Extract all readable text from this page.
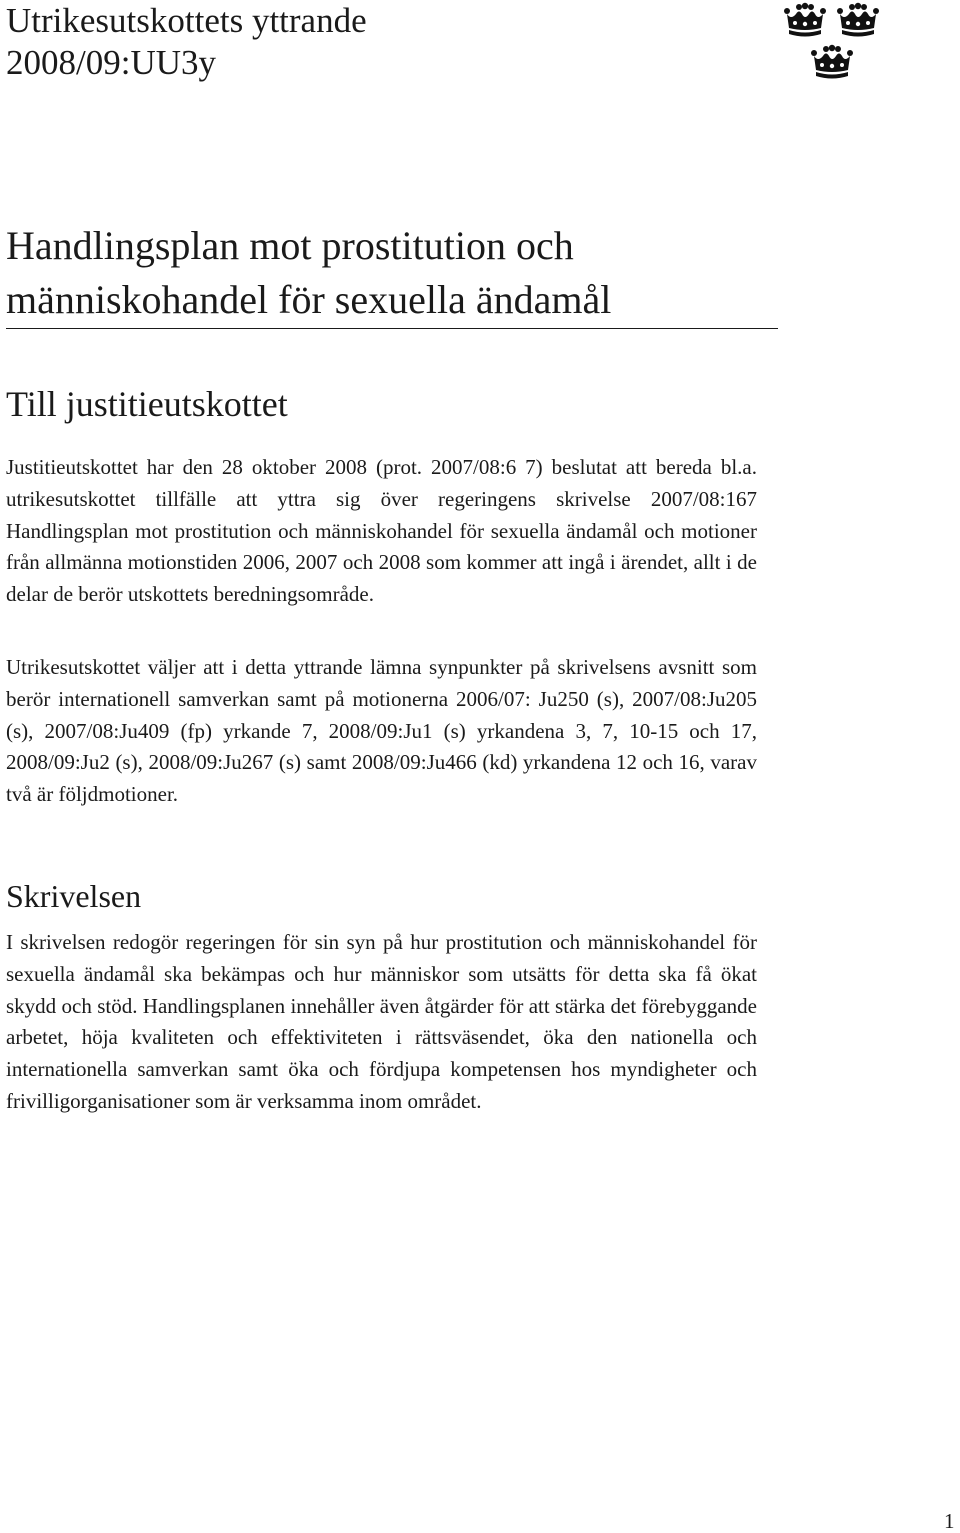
Utrikesutskottets yttrande
2008/09:UU3y
Handlingsplan mot prostitution och
människohandel för sexuella ändamål
Till justitieutskottet

Justitieutskottet har den 28 oktober 2008 (prot. 2007/08:6 7) beslutat att bereda bl.a. utrikesutskottet tillfälle att yttra sig över regeringens skrivelse 2007/08:167 Handlingsplan mot prostitution och människohandel för sexuella ändamål och motioner från allmänna motionstiden 2006, 2007 och 2008 som kommer att ingå i ärendet, allt i de delar de berör utskottets beredningsområde.

Utrikesutskottet väljer att i detta yttrande lämna synpunkter på skrivelsens avsnitt som berör internationell samverkan samt på motionerna 2006/07: Ju250 (s), 2007/08:Ju205 (s), 2007/08:Ju409 (fp) yrkande 7, 2008/09:Ju1 (s) yrkandena 3, 7, 10-15 och 17, 2008/09:Ju2 (s), 2008/09:Ju267 (s) samt 2008/09:Ju466 (kd) yrkandena 12 och 16, varav två är följdmotioner.

Skrivelsen

I skrivelsen redogör regeringen för sin syn på hur prostitution och människohandel för sexuella ändamål ska bekämpas och hur människor som utsätts för detta ska få ökat skydd och stöd. Handlingsplanen innehåller även åtgärder för att stärka det förebyggande arbetet, höja kvaliteten och effektiviteten i rättsväsendet, öka den nationella och internationella samverkan samt öka och fördjupa kompetensen hos myndigheter och frivilligorganisationer som är verksamma inom området.

1
